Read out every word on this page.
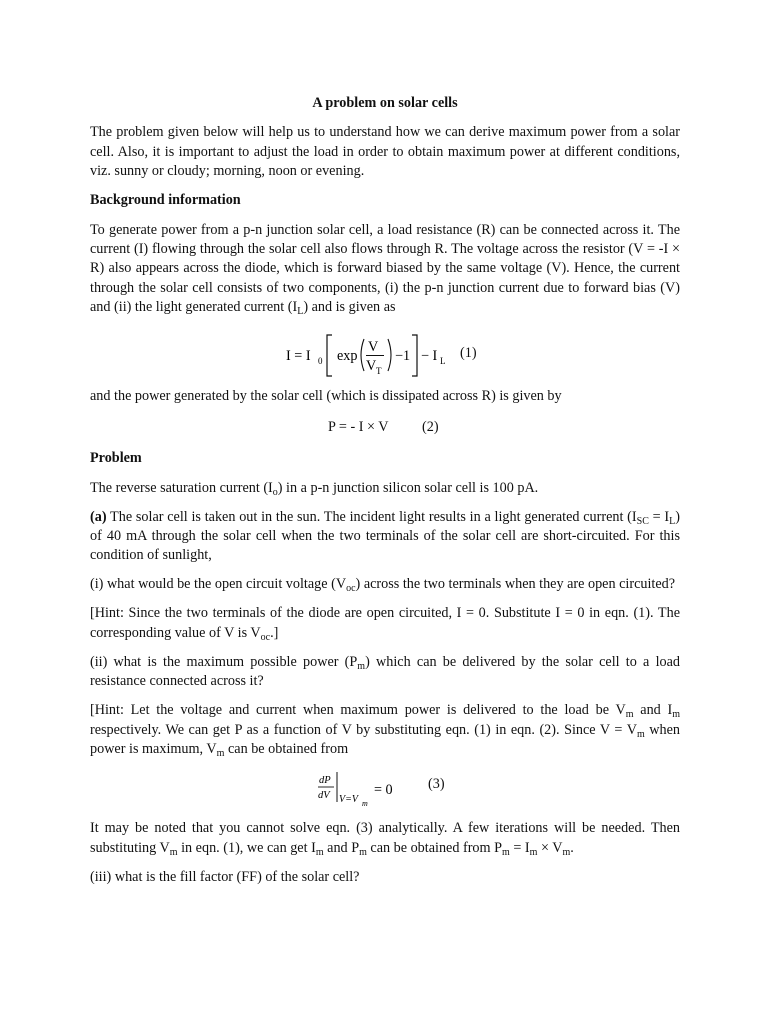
A problem on solar cells

The problem given below will help us to understand how we can derive maximum power from a solar cell. Also, it is important to adjust the load in order to obtain maximum power at different conditions, viz. sunny or cloudy; morning, noon or evening.

Background information

To generate power from a p-n junction solar cell, a load resistance (R) can be connected across it. The current (I) flowing through the solar cell also flows through R. The voltage across the resistor (V = -I × R) also appears across the diode, which is forward biased by the same voltage (V). Hence, the current through the solar cell consists of two components, (i) the p-n junction current due to forward bias (V) and (ii) the light generated current $(I_L)$ and is given as

I = I 0 exp
V
V T
−1 − I L (1)

and the power generated by the solar cell (which is dissipated across R) is given by

P = - I × V (2)
Problem

The reverse saturation current $(I_o)$ in a p-n junction silicon solar cell is 100 pA.

(a) The solar cell is taken out in the sun. The incident light results in a light generated current $(I_{SC} = I_L)$ of 40 mA through the solar cell when the two terminals of the solar cell are short-circuited. For this condition of sunlight,

(i) what would be the open circuit voltage $(V_{oc})$ across the two terminals when they are open circuited?

[Hint: Since the two terminals of the diode are open circuited, I = 0. Substitute I = 0 in eqn. (1). The corresponding value of V is $V_{oc}$.]

(ii) what is the maximum possible power $(P_m)$ which can be delivered by the solar cell to a load resistance connected across it?

[Hint: Let the voltage and current when maximum power is delivered to the load be $V_m$ and $I_m$ respectively. We can get P as a function of V by substituting eqn. (1) in eqn. (2). Since $V = V_m$ when power is maximum, $V_m$ can be obtained from

dP
dV V=V m
= 0 (3)

It may be noted that you cannot solve eqn. (3) analytically. A few iterations will be needed. Then substituting $V_m$ in eqn. (1), we can get $I_m$ and $P_m$ can be obtained from $P_m = I_m \times V_m$.

(iii) what is the fill factor (FF) of the solar cell?
